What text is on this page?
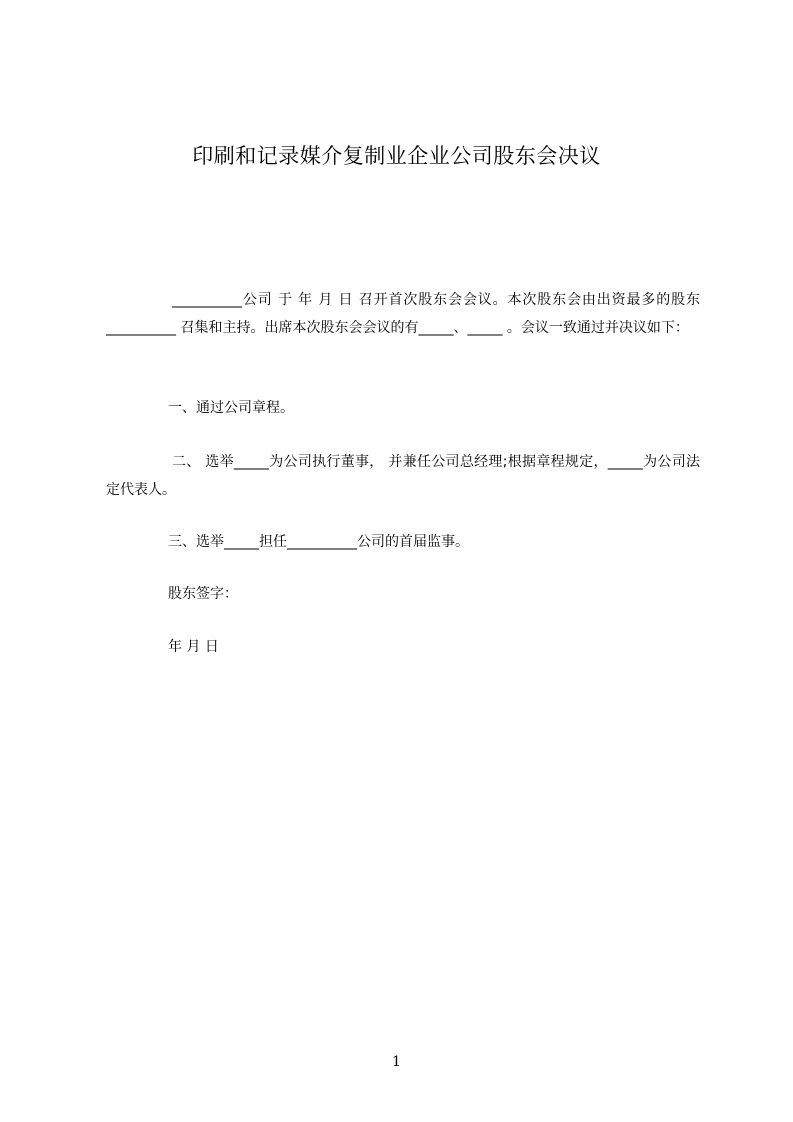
印刷和记录媒介复制业企业公司股东会决议
__________公司 于 年 月 日 召开首次股东会会议。本次股东会由出资最多的股东 __________ 召集和主持。出席本次股东会会议的有_____、_____ 。会议一致通过并决议如下：
一、通过公司章程。
二、 选举_____为公司执行董事， 并兼任公司总经理;根据章程规定，_____为公司法定代表人。
三、选举_____担任__________公司的首届监事。
股东签字：
年 月 日
1
